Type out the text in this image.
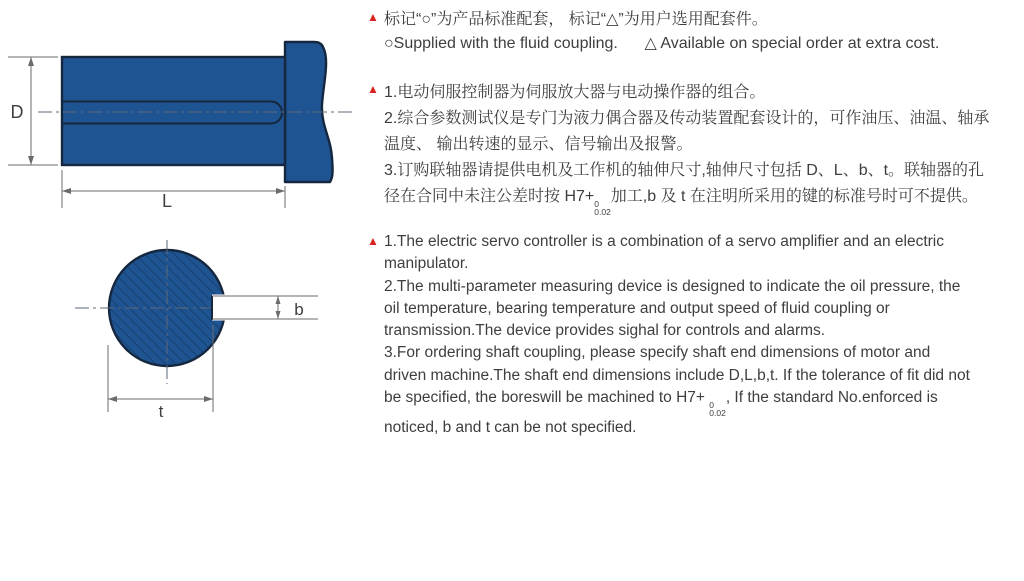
D
L
b
t
▲ 标记“○”为产品标准配套， 标记“△”为用户选用配套件。
○Supplied with the fluid coupling.      △ Available on special order at extra cost.
▲ 1.电动伺服控制器为伺服放大器与电动操作器的组合。
2.综合参数测试仪是专门为液力偶合器及传动装置配套设计的，可作油压、油温、轴承
温度、 输出转速的显示、信号输出及报警。
3.订购联轴器请提供电机及工作机的轴伸尺寸,轴伸尺寸包括 D、L、b、t。联轴器的孔
径在合同中未注公差时按 H7+ 0
0.02
加工,b 及 t 在注明所采用的键的标准号时可不提供。
▲ 1.The electric servo controller is a combination of a servo amplifier and an electric
manipulator.
2.The multi-parameter measuring device is designed to indicate the oil pressure, the
oil temperature, bearing temperature and output speed of fluid coupling or
transmission.The device provides sighal for controls and alarms.
3.For ordering shaft coupling, please specify shaft end dimensions of motor and
driven machine.The shaft end dimensions include D,L,b,t. If the tolerance of fit did not
be specified, the boreswill be machined to H7+ 0
0.02
, If the standard No.enforced is
noticed, b and t can be not specified.
